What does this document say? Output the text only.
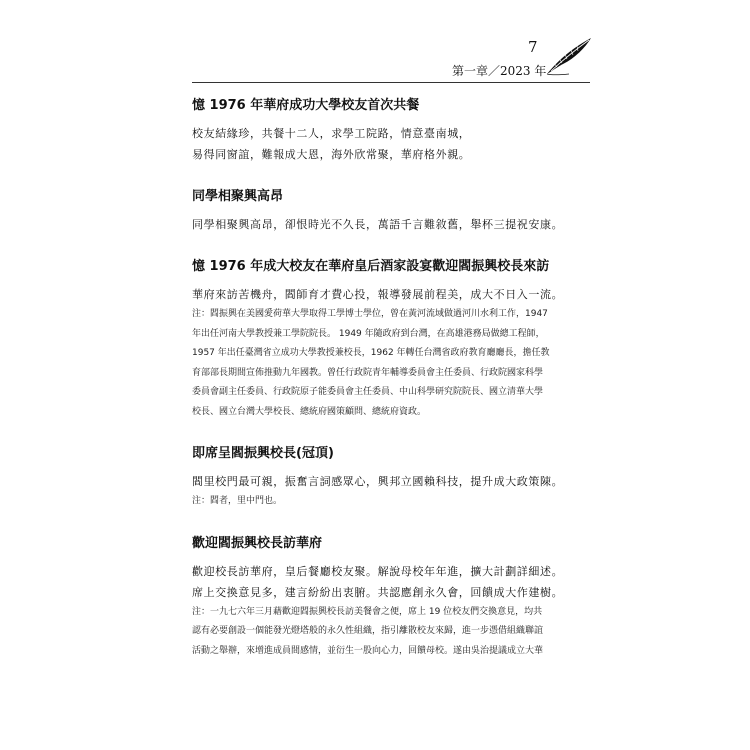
7
第一章／2023 年
憶 1976 年華府成功大學校友首次共餐
校友結緣珍，共餐十二人，求學工院路，情意臺南城，
易得同窗誼，難報成大恩，海外欣常聚，華府格外親。
同學相聚興高昂
同學相聚興高昂，卻恨時光不久長，萬語千言難敘舊，舉杯三提祝安康。
憶 1976 年成大校友在華府皇后酒家設宴歡迎閻振興校長來訪
華府來訪苦機舟，閻師育才費心投，報導發展前程美，成大不日入一流。
注：閻振興在美國愛荷華大學取得工學博士學位，曾在黃河流域做過河川水利工作，1947
年出任河南大學教授兼工學院院長。 1949 年隨政府到台灣，在高雄港務局做總工程師，
1957 年出任臺灣省立成功大學教授兼校長，1962 年轉任台灣省政府教育廳廳長，擔任教
育部部長期間宣佈推動九年國教。曾任行政院青年輔導委員會主任委員、行政院國家科學
委員會副主任委員、行政院原子能委員會主任委員、中山科學研究院院長、國立清華大學
校長、國立台灣大學校長、總統府國策顧問、總統府資政。
即席呈閻振興校長(冠頂)
閻里校門最可親，振奮言詞感眾心，興邦立國賴科技，提升成大政策陳。
注：閻者，里中門也。
歡迎閻振興校長訪華府
歡迎校長訪華府，皇后餐廳校友聚。解說母校年年進，擴大計劃詳細述。
席上交換意見多，建言紛紛出衷腑。共認應創永久會，回饋成大作建樹。
注：一九七六年三月藉歡迎閻振興校長訪美餐會之便，席上 19 位校友們交換意見，均共
認有必要創設一個能發光燈塔般的永久性組織，指引離散校友來歸，進一步憑借組織聯誼
活動之舉辦，來增進成員間感情，並衍生一股向心力，回饋母校。遂由吳治提議成立大華
